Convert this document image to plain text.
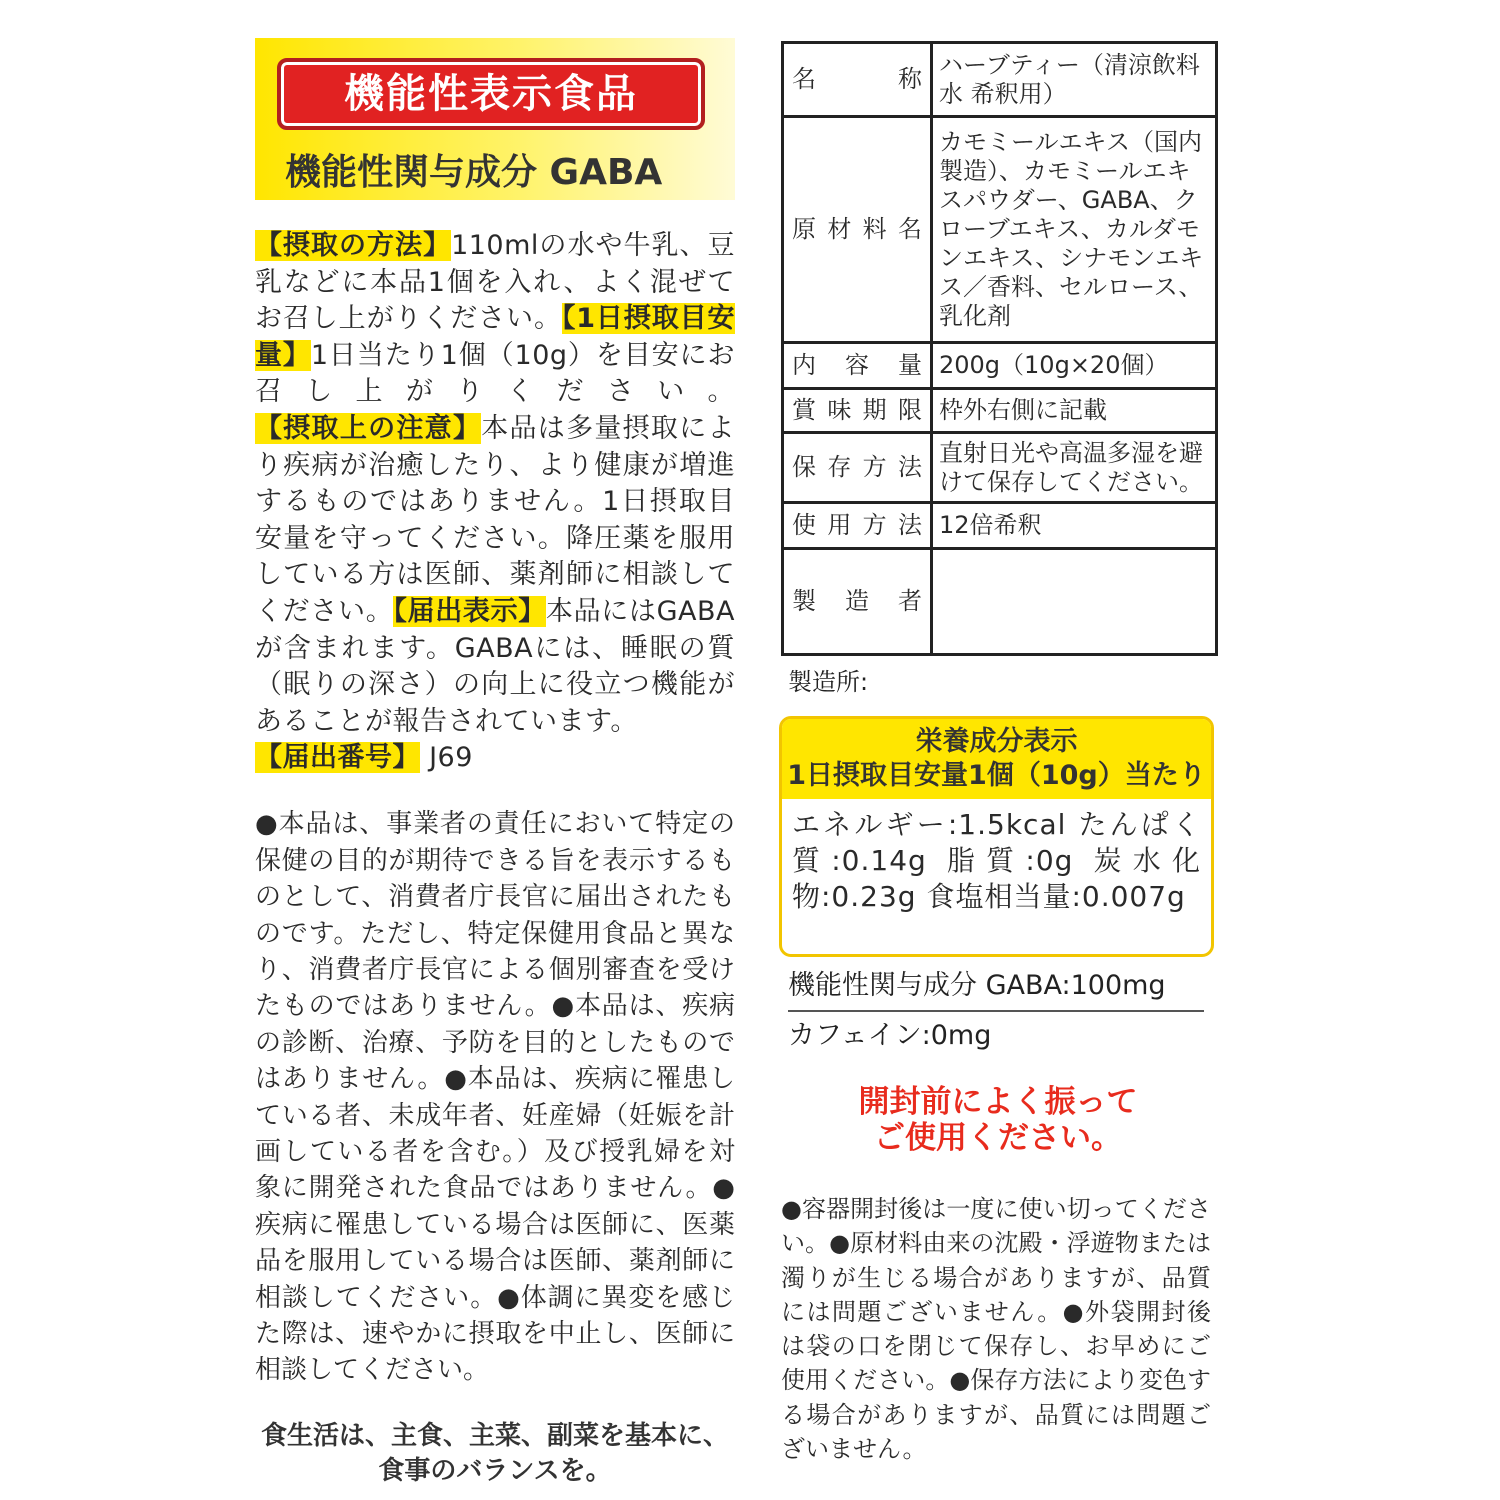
機能性表示食品
機能性関与成分 GABA
【摂取の方法】110mlの水や牛乳、豆乳などに本品1個を入れ、よく混ぜてお召し上がりください。【1日摂取目安量】1日当たり1個（10g）を目安にお召し上がりください。【摂取上の注意】本品は多量摂取により疾病が治癒したり、より健康が増進するものではありません。1日摂取目安量を守ってください。降圧薬を服用している方は医師、薬剤師に相談してください。【届出表示】本品にはGABAが含まれます。GABAには、睡眠の質（眠りの深さ）の向上に役立つ機能があることが報告されています。

【届出番号】 J69

●本品は、事業者の責任において特定の保健の目的が期待できる旨を表示するものとして、消費者庁長官に届出されたものです。ただし、特定保健用食品と異なり、消費者庁長官による個別審査を受けたものではありません。●本品は、疾病の診断、治療、予防を目的としたものではありません。●本品は、疾病に罹患している者、未成年者、妊産婦（妊娠を計画している者を含む。）及び授乳婦を対象に開発された食品ではありません。●疾病に罹患している場合は医師に、医薬品を服用している場合は医師、薬剤師に相談してください。●体調に異変を感じた際は、速やかに摂取を中止し、医師に相談してください。
食生活は、主食、主菜、副菜を基本に、
食事のバランスを。
名称	ハーブティー（清涼飲料水 希釈用）
原材料名	カモミールエキス（国内製造）、カモミールエキスパウダー、GABA、クローブエキス、カルダモンエキス、シナモンエキス／香料、セルロース、乳化剤
内容量	200g（10g×20個）
賞味期限	枠外右側に記載
保存方法	直射日光や高温多湿を避けて保存してください。
使用方法	12倍希釈
製造者	
製造所:
栄養成分表示
1日摂取目安量1個（10g）当たり
エネルギー:1.5kcal たんぱく質:0.14g 脂質:0g 炭水化物:0.23g 食塩相当量:0.007g
機能性関与成分 GABA:100mg
カフェイン:0mg
開封前によく振って
ご使用ください。
●容器開封後は一度に使い切ってください。●原材料由来の沈殿・浮遊物または濁りが生じる場合がありますが、品質には問題ございません。●外袋開封後は袋の口を閉じて保存し、お早めにご使用ください。●保存方法により変色する場合がありますが、品質には問題ございません。
